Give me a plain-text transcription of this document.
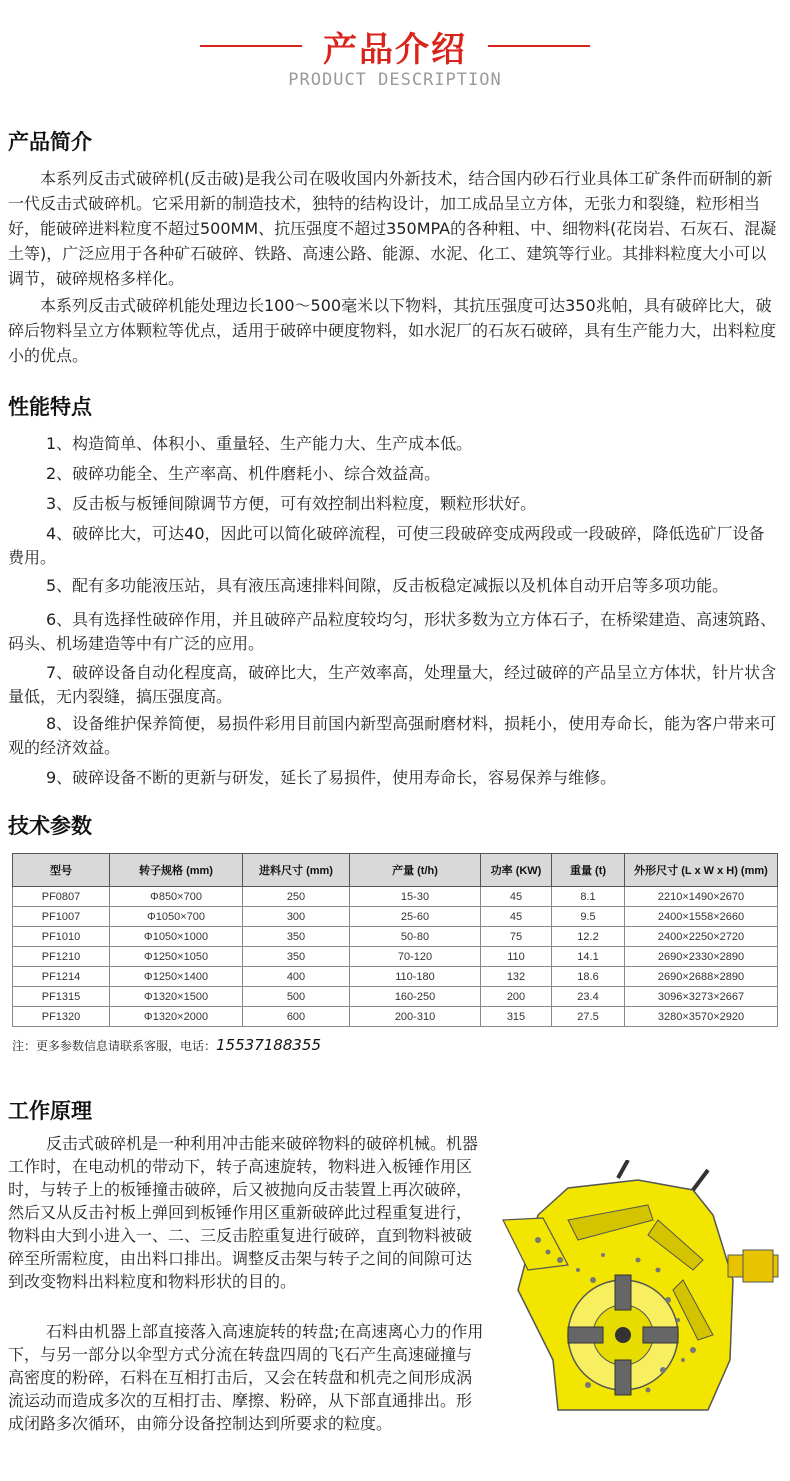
产品介绍
PRODUCT DESCRIPTION
产品简介

本系列反击式破碎机(反击破)是我公司在吸收国内外新技术，结合国内砂石行业具体工矿条件而研制的新一代反击式破碎机。它采用新的制造技术，独特的结构设计，加工成品呈立方体，无张力和裂缝，粒形相当好，能破碎进料粒度不超过500MM、抗压强度不超过350MPA的各种粗、中、细物料(花岗岩、石灰石、混凝土等)，广泛应用于各种矿石破碎、铁路、高速公路、能源、水泥、化工、建筑等行业。其排料粒度大小可以调节，破碎规格多样化。

本系列反击式破碎机能处理边长100～500毫米以下物料，其抗压强度可达350兆帕，具有破碎比大，破碎后物料呈立方体颗粒等优点，适用于破碎中硬度物料，如水泥厂的石灰石破碎，具有生产能力大，出料粒度小的优点。

性能特点

1、构造简单、体积小、重量轻、生产能力大、生产成本低。

2、破碎功能全、生产率高、机件磨耗小、综合效益高。

3、反击板与板锤间隙调节方便，可有效控制出料粒度，颗粒形状好。

4、破碎比大，可达40，因此可以简化破碎流程，可使三段破碎变成两段或一段破碎，降低选矿厂设备费用。

5、配有多功能液压站，具有液压高速排料间隙，反击板稳定减振以及机体自动开启等多项功能。

6、具有选择性破碎作用，并且破碎产品粒度较均匀，形状多数为立方体石子，在桥梁建造、高速筑路、 码头、机场建造等中有广泛的应用。

7、破碎设备自动化程度高，破碎比大，生产效率高，处理量大，经过破碎的产品呈立方体状，针片状含量低，无内裂缝，搞压强度高。

8、设备维护保养简便，易损件彩用目前国内新型高强耐磨材料，损耗小，使用寿命长，能为客户带来可观的经济效益。

9、破碎设备不断的更新与研发，延长了易损件，使用寿命长，容易保养与维修。

技术参数
型号	转子规格 (mm)	进料尺寸 (mm)	产量 (t/h)	功率 (KW)	重量 (t)	外形尺寸 (L x W x H) (mm)
PF0807	Φ850×700	250	15-30	45	8.1	2210×1490×2670
PF1007	Φ1050×700	300	25-60	45	9.5	2400×1558×2660
PF1010	Φ1050×1000	350	50-80	75	12.2	2400×2250×2720
PF1210	Φ1250×1050	350	70-120	110	14.1	2690×2330×2890
PF1214	Φ1250×1400	400	110-180	132	18.6	2690×2688×2890
PF1315	Φ1320×1500	500	160-250	200	23.4	3096×3273×2667
PF1320	Φ1320×2000	600	200-310	315	27.5	3280×3570×2920
注：更多参数信息请联系客服，电话：15537188355
工作原理

反击式破碎机是一种利用冲击能来破碎物料的破碎机械。机器工作时，在电动机的带动下，转子高速旋转，物料进入板锤作用区时，与转子上的板锤撞击破碎，后又被抛向反击装置上再次破碎，然后又从反击衬板上弹回到板锤作用区重新破碎此过程重复进行，物料由大到小进入一、二、三反击腔重复进行破碎，直到物料被破碎至所需粒度，由出料口排出。调整反击架与转子之间的间隙可达到改变物料出料粒度和物料形状的目的。

石料由机器上部直接落入高速旋转的转盘;在高速离心力的作用下，与另一部分以伞型方式分流在转盘四周的飞石产生高速碰撞与高密度的粉碎，石料在互相打击后，又会在转盘和机壳之间形成涡流运动而造成多次的互相打击、摩擦、粉碎，从下部直通排出。形成闭路多次循环，由筛分设备控制达到所要求的粒度。
